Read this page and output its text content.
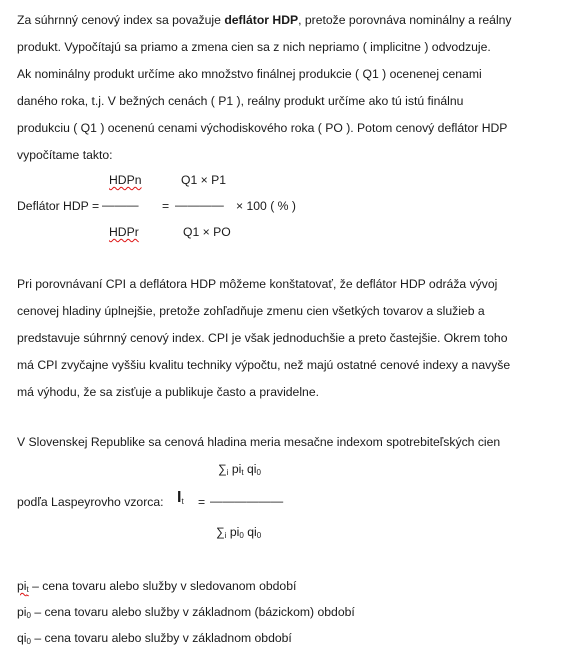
Za súhrnný cenový index sa považuje deflátor HDP, pretože porovnáva nominálny a reálny
produkt. Vypočítajú sa priamo a zmena cien sa z nich nepriamo ( implicitne ) odvodzuje.
Ak nominálny produkt určíme ako množstvo finálnej produkcie ( Q1 ) ocenenej cenami
daného roka, t.j. V bežných cenách ( P1 ), reálny produkt určíme ako tú istú finálnu
produkciu ( Q1 ) ocenenú cenami východiskového roka ( PO ). Potom cenový deflátor HDP
vypočítame takto:
HDPn	Q1 × P1
Deflátor HDP = ——— = ———— × 100 ( % )
HDPr	Q1 × PO
Pri porovnávaní CPI a deflátora HDP môžeme konštatovať, že deflátor HDP odráža vývoj
cenovej hladiny úplnejšie, pretože zohľadňuje zmenu cien všetkých tovarov a služieb a
predstavuje súhrnný cenový index. CPI je však jednoduchšie a preto častejšie. Okrem toho
má CPI zvyčajne vyššiu kvalitu techniky výpočtu, než majú ostatné cenové indexy a navyše
má výhodu, že sa zisťuje a publikuje často a pravidelne.
V Slovenskej Republike sa cenová hladina meria mesačne indexom spotrebiteľských cien
$\sum_i$ $pi_t$ $qi_0$
podľa Laspeyrovho vzorca: $I_t$ = ——————
$\sum_i$ $pi_0$ $qi_0$
$pi_t$ – cena tovaru alebo služby v sledovanom období
$pi_0$ – cena tovaru alebo služby v základnom (bázickom) období
$qi_0$ – cena tovaru alebo služby v základnom období
